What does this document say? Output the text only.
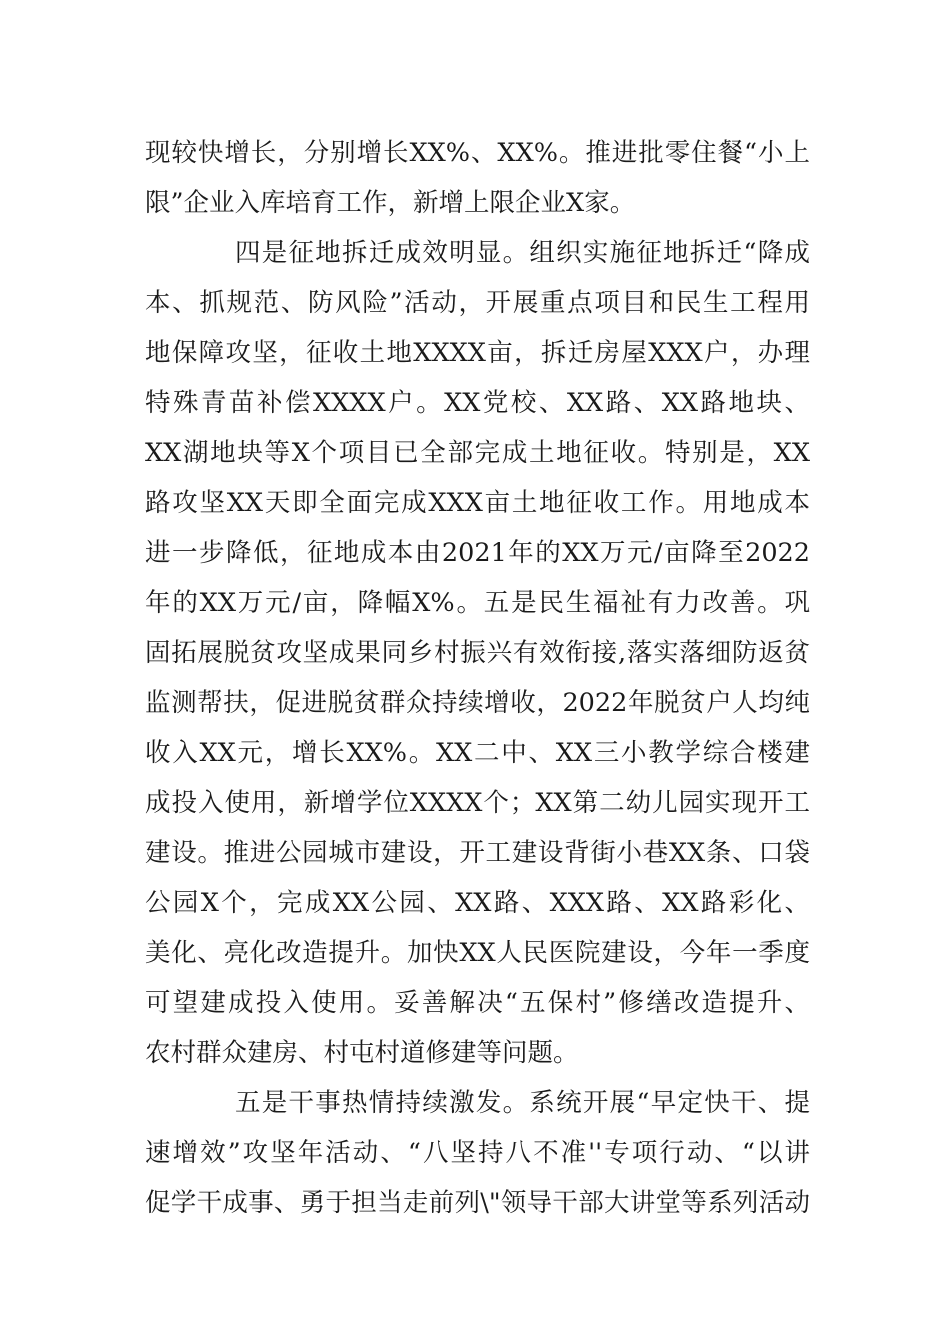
现较快增长，分别增长XX%、XX%。推进批零住餐“小上
限”企业入库培育工作，新增上限企业X家。
四是征地拆迁成效明显。组织实施征地拆迁“降成
本、抓规范、防风险”活动，开展重点项目和民生工程用
地保障攻坚，征收土地XXXX亩，拆迁房屋XXX户，办理
特殊青苗补偿XXXX户。XX党校、XX路、XX路地块、
XX湖地块等X个项目已全部完成土地征收。特别是，XX
路攻坚XX天即全面完成XXX亩土地征收工作。用地成本
进一步降低，征地成本由2021年的XX万元/亩降至2022
年的XX万元/亩，降幅X%。五是民生福祉有力改善。巩
固拓展脱贫攻坚成果同乡村振兴有效衔接,落实落细防返贫
监测帮扶，促进脱贫群众持续增收，2022年脱贫户人均纯
收入XX元，增长XX%。XX二中、XX三小教学综合楼建
成投入使用，新增学位XXXX个；XX第二幼儿园实现开工
建设。推进公园城市建设，开工建设背街小巷XX条、口袋
公园X个，完成XX公园、XX路、XXX路、XX路彩化、
美化、亮化改造提升。加快XX人民医院建设，今年一季度
可望建成投入使用。妥善解决“五保村”修缮改造提升、
农村群众建房、村屯村道修建等问题。
五是干事热情持续激发。系统开展“早定快干、提
速增效”攻坚年活动、“八坚持八不准''专项行动、“以讲
促学干成事、勇于担当走前列\"领导干部大讲堂等系列活动
